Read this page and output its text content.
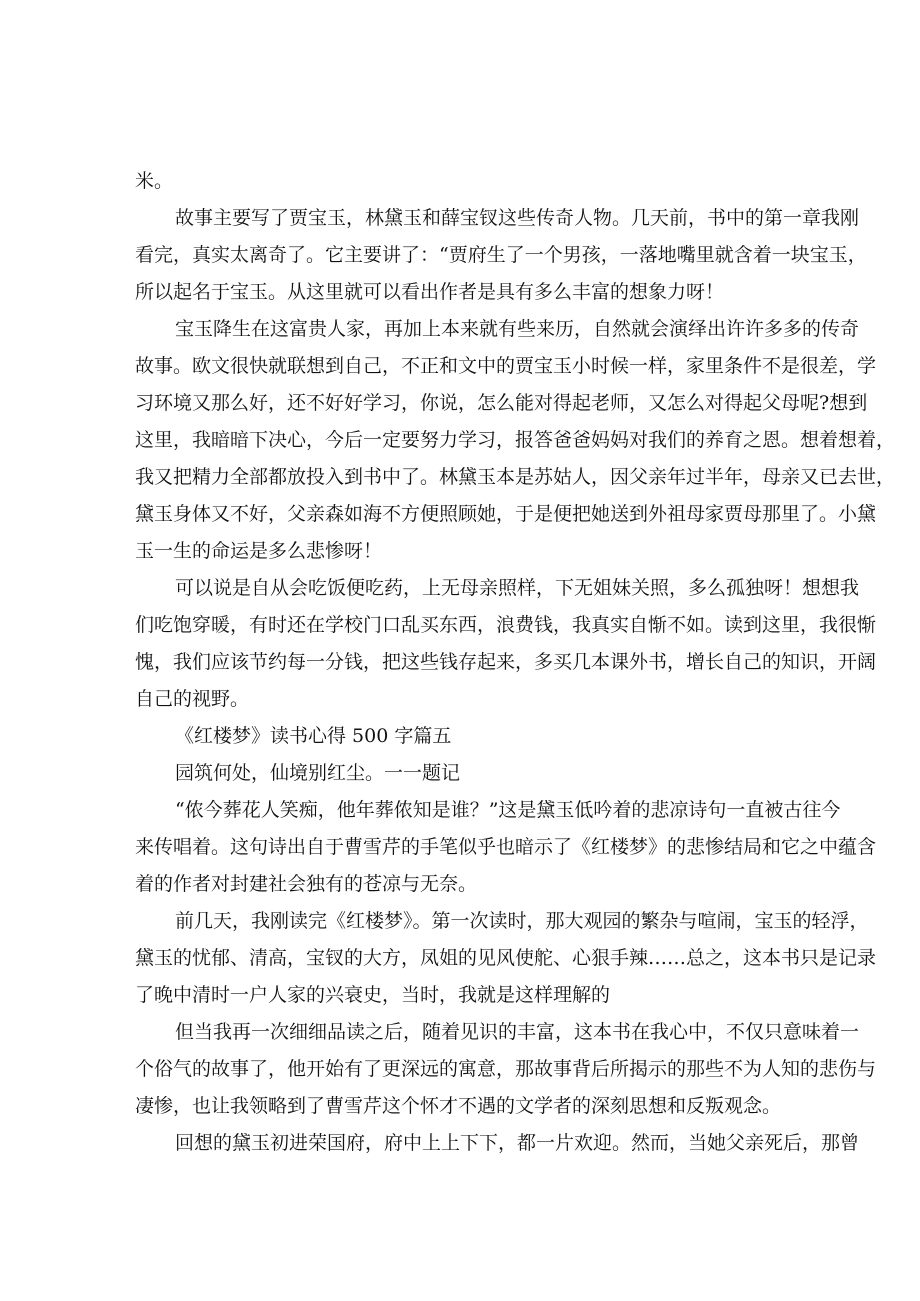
米。
故事主要写了贾宝玉，林黛玉和薛宝钗这些传奇人物。几天前，书中的第一章我刚
看完，真实太离奇了。它主要讲了：“贾府生了一个男孩，一落地嘴里就含着一块宝玉，
所以起名于宝玉。从这里就可以看出作者是具有多么丰富的想象力呀！
宝玉降生在这富贵人家，再加上本来就有些来历，自然就会演绎出许许多多的传奇
故事。欧文很快就联想到自己，不正和文中的贾宝玉小时候一样，家里条件不是很差，学
习环境又那么好，还不好好学习，你说，怎么能对得起老师，又怎么对得起父母呢?想到
这里，我暗暗下决心，今后一定要努力学习，报答爸爸妈妈对我们的养育之恩。想着想着，
我又把精力全部都放投入到书中了。林黛玉本是苏姑人，因父亲年过半年，母亲又已去世，
黛玉身体又不好，父亲森如海不方便照顾她，于是便把她送到外祖母家贾母那里了。小黛
玉一生的命运是多么悲惨呀！
可以说是自从会吃饭便吃药，上无母亲照样，下无姐妹关照，多么孤独呀！想想我
们吃饱穿暖，有时还在学校门口乱买东西，浪费钱，我真实自惭不如。读到这里，我很惭
愧，我们应该节约每一分钱，把这些钱存起来，多买几本课外书，增长自己的知识，开阔
自己的视野。
《红楼梦》读书心得 500 字篇五
园筑何处，仙境别红尘。一一题记
“侬今葬花人笑痴，他年葬侬知是谁？”这是黛玉低吟着的悲凉诗句一直被古往今
来传唱着。这句诗出自于曹雪芹的手笔似乎也暗示了《红楼梦》的悲惨结局和它之中蕴含
着的作者对封建社会独有的苍凉与无奈。
前几天，我刚读完《红楼梦》。第一次读时，那大观园的繁杂与喧闹，宝玉的轻浮，
黛玉的忧郁、清高，宝钗的大方，凤姐的见风使舵、心狠手辣……总之，这本书只是记录
了晚中清时一户人家的兴衰史，当时，我就是这样理解的
但当我再一次细细品读之后，随着见识的丰富，这本书在我心中，不仅只意味着一
个俗气的故事了，他开始有了更深远的寓意，那故事背后所揭示的那些不为人知的悲伤与
凄惨，也让我领略到了曹雪芹这个怀才不遇的文学者的深刻思想和反叛观念。
回想的黛玉初进荣国府，府中上上下下，都一片欢迎。然而，当她父亲死后，那曾
